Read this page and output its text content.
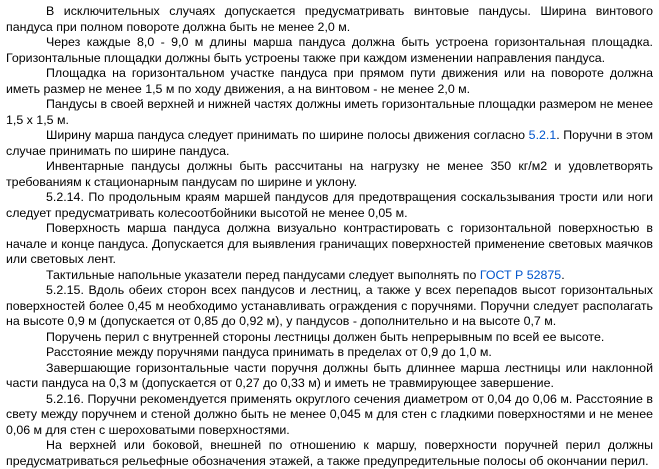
В исключительных случаях допускается предусматривать винтовые пандусы. Ширина винтового пандуса при полном повороте должна быть не менее 2,0 м.

Через каждые 8,0 - 9,0 м длины марша пандуса должна быть устроена горизонтальная площадка. Горизонтальные площадки должны быть устроены также при каждом изменении направления пандуса.

Площадка на горизонтальном участке пандуса при прямом пути движения или на повороте должна иметь размер не менее 1,5 м по ходу движения, а на винтовом - не менее 2,0 м.

Пандусы в своей верхней и нижней частях должны иметь горизонтальные площадки размером не менее 1,5 х 1,5 м.

Ширину марша пандуса следует принимать по ширине полосы движения согласно 5.2.1. Поручни в этом случае принимать по ширине пандуса.

Инвентарные пандусы должны быть рассчитаны на нагрузку не менее 350 кг/м2 и удовлетворять требованиям к стационарным пандусам по ширине и уклону.

5.2.14. По продольным краям маршей пандусов для предотвращения соскальзывания трости или ноги следует предусматривать колесоотбойники высотой не менее 0,05 м.

Поверхность марша пандуса должна визуально контрастировать с горизонтальной поверхностью в начале и конце пандуса. Допускается для выявления граничащих поверхностей применение световых маячков или световых лент.

Тактильные напольные указатели перед пандусами следует выполнять по ГОСТ Р 52875.

5.2.15. Вдоль обеих сторон всех пандусов и лестниц, а также у всех перепадов высот горизонтальных поверхностей более 0,45 м необходимо устанавливать ограждения с поручнями. Поручни следует располагать на высоте 0,9 м (допускается от 0,85 до 0,92 м), у пандусов - дополнительно и на высоте 0,7 м.

Поручень перил с внутренней стороны лестницы должен быть непрерывным по всей ее высоте.

Расстояние между поручнями пандуса принимать в пределах от 0,9 до 1,0 м.

Завершающие горизонтальные части поручня должны быть длиннее марша лестницы или наклонной части пандуса на 0,3 м (допускается от 0,27 до 0,33 м) и иметь не травмирующее завершение.

5.2.16. Поручни рекомендуется применять округлого сечения диаметром от 0,04 до 0,06 м. Расстояние в свету между поручнем и стеной должно быть не менее 0,045 м для стен с гладкими поверхностями и не менее 0,06 м для стен с шероховатыми поверхностями.

На верхней или боковой, внешней по отношению к маршу, поверхности поручней перил должны предусматриваться рельефные обозначения этажей, а также предупредительные полосы об окончании перил.
